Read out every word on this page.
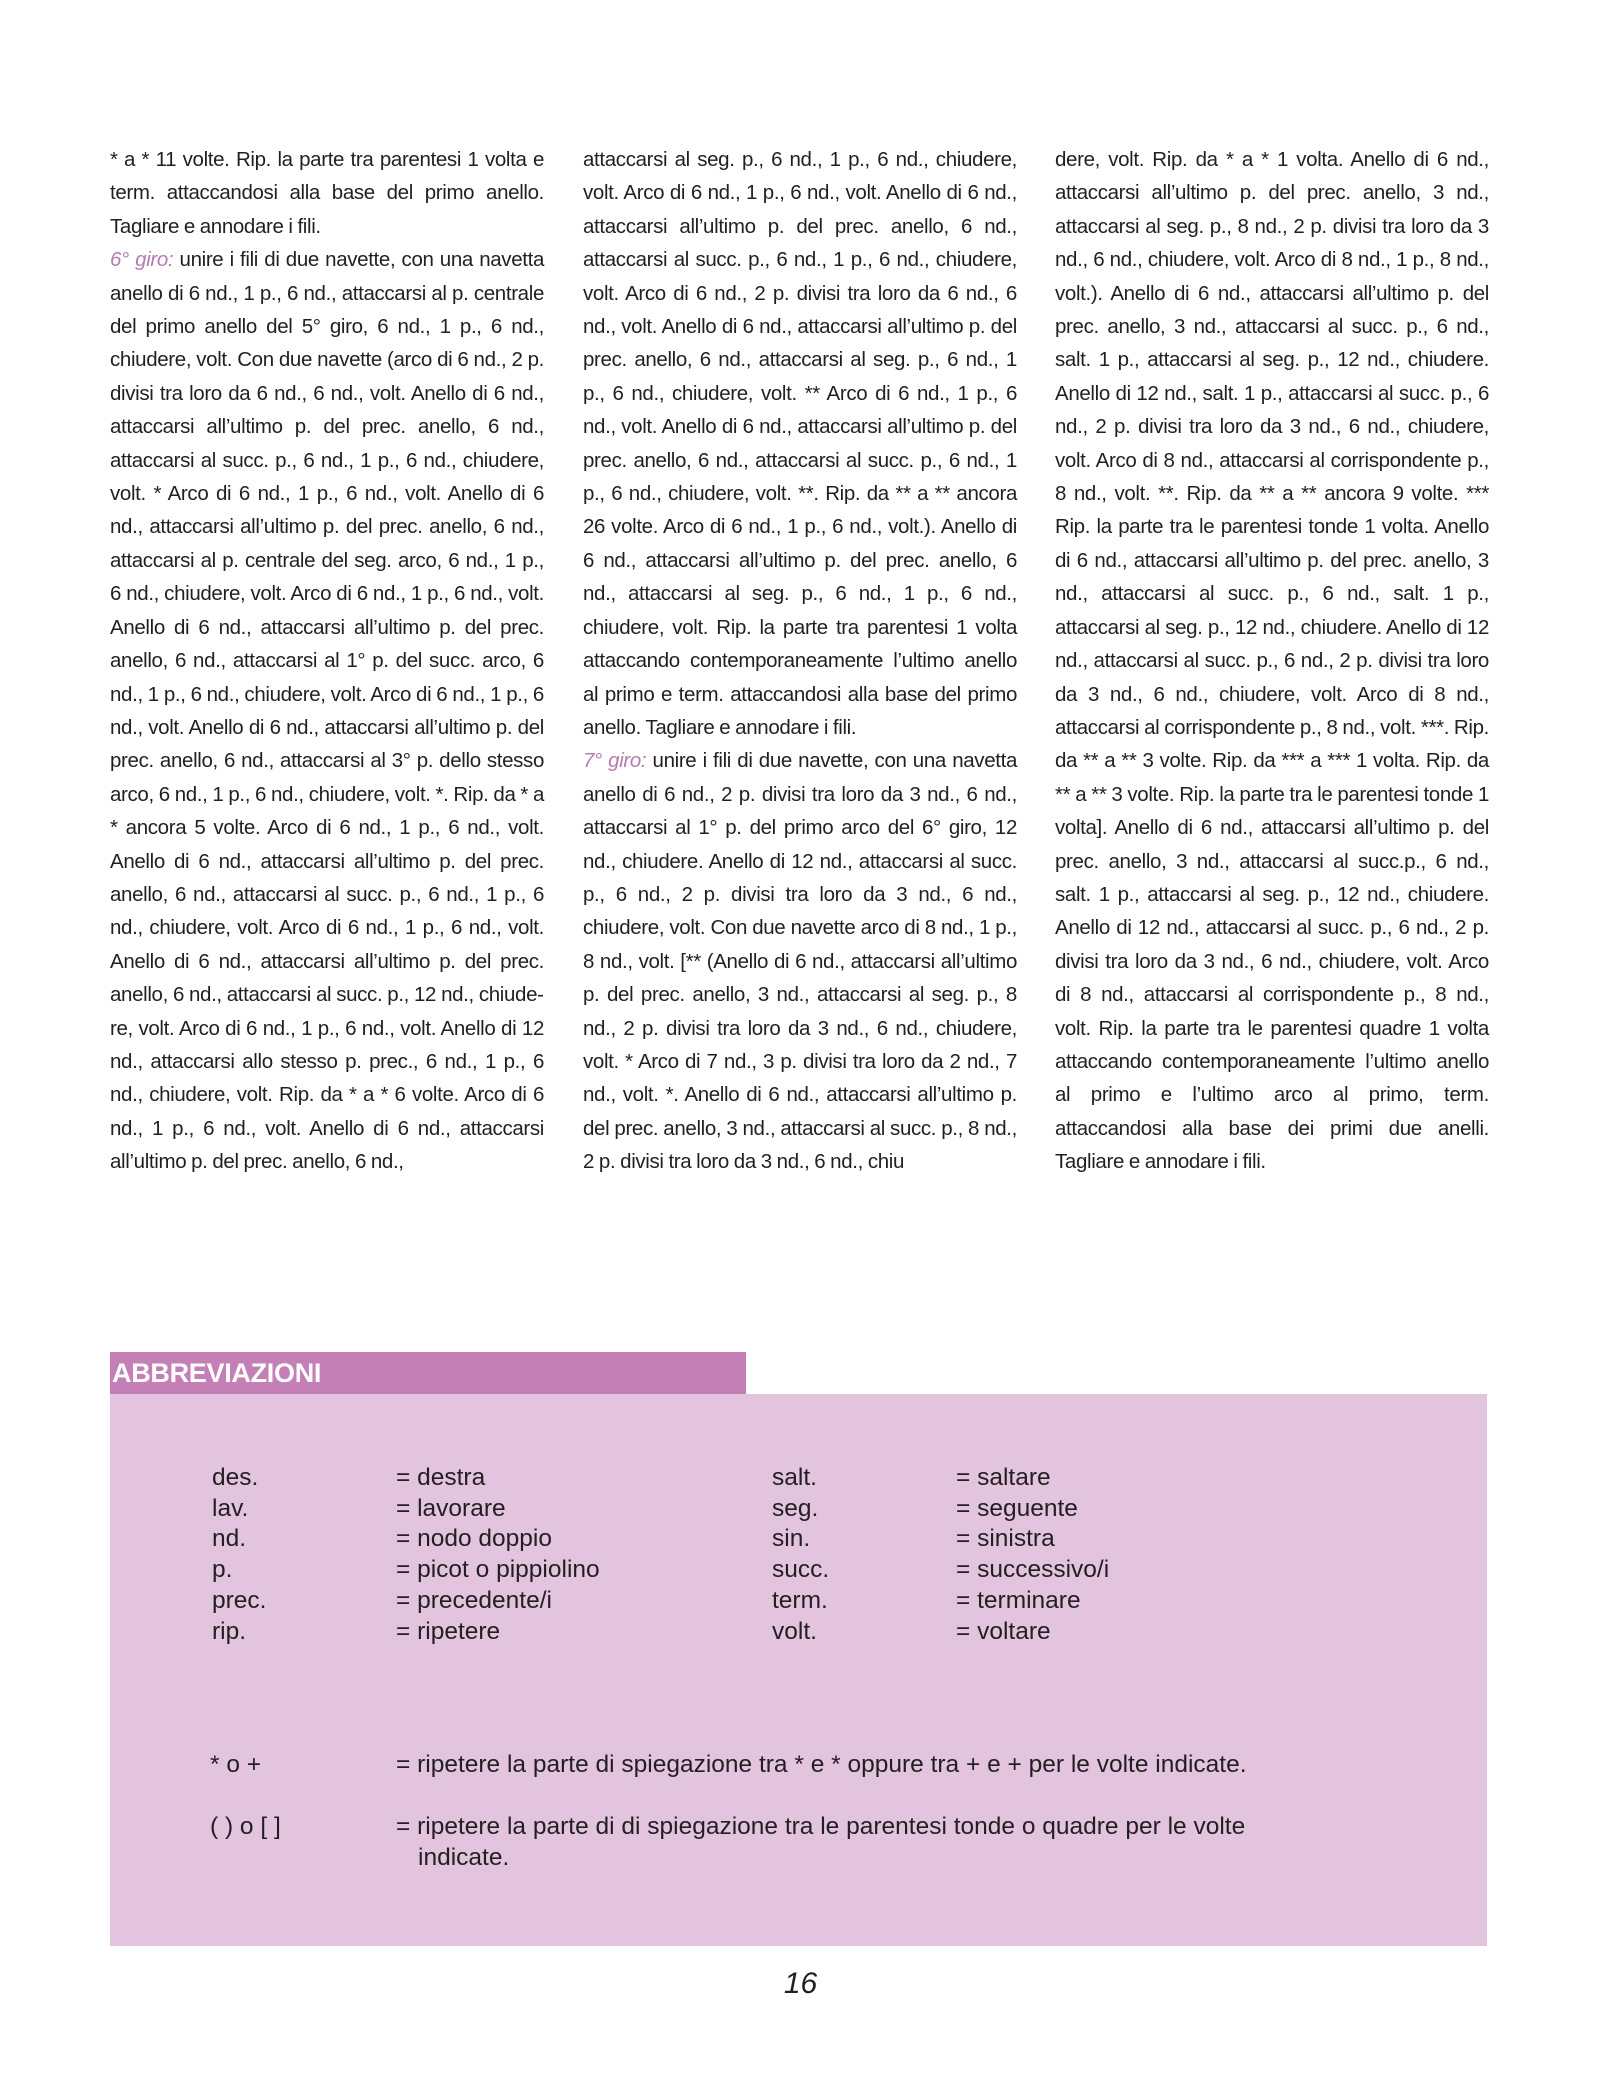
* a * 11 volte. Rip. la parte tra parentesi 1 volta e term. attaccandosi alla base del primo anello. Tagliare e annodare i fili.

6° giro: unire i fili di due navette, con una navetta anello di 6 nd., 1 p., 6 nd., attaccarsi al p. centrale del primo anello del 5° giro, 6 nd., 1 p., 6 nd., chiudere, volt. Con due navette (arco di 6 nd., 2 p. divisi tra loro da 6 nd., 6 nd., volt. Anello di 6 nd., attaccarsi all’ultimo p. del prec. anello, 6 nd., attaccarsi al succ. p., 6 nd., 1 p., 6 nd., chiudere, volt. * Arco di 6 nd., 1 p., 6 nd., volt. Anello di 6 nd., attaccarsi all’ultimo p. del prec. anello, 6 nd., attaccarsi al p. centrale del seg. arco, 6 nd., 1 p., 6 nd., chiudere, volt. Arco di 6 nd., 1 p., 6 nd., volt. Anello di 6 nd., attaccarsi all’ultimo p. del prec. anello, 6 nd., attaccarsi al 1° p. del succ. arco, 6 nd., 1 p., 6 nd., chiudere, volt. Arco di 6 nd., 1 p., 6 nd., volt. Anello di 6 nd., attaccarsi all’ultimo p. del prec. anello, 6 nd., attaccarsi al 3° p. dello stesso arco, 6 nd., 1 p., 6 nd., chiudere, volt. *. Rip. da * a * ancora 5 volte. Arco di 6 nd., 1 p., 6 nd., volt. Anello di 6 nd., attaccarsi all’ultimo p. del prec. anello, 6 nd., attaccarsi al succ. p., 6 nd., 1 p., 6 nd., chiudere, volt. Arco di 6 nd., 1 p., 6 nd., volt. Anello di 6 nd., attaccarsi all’ultimo p. del prec. anello, 6 nd., attaccarsi al succ. p., 12 nd., chiudere, volt. Arco di 6 nd., 1 p., 6 nd., volt. Anello di 12 nd., attaccarsi allo stesso p. prec., 6 nd., 1 p., 6 nd., chiudere, volt. Rip. da * a * 6 volte. Arco di 6 nd., 1 p., 6 nd., volt. Anello di 6 nd., attaccarsi all’ultimo p. del prec. anello, 6 nd.,

attaccarsi al seg. p., 6 nd., 1 p., 6 nd., chiudere, volt. Arco di 6 nd., 1 p., 6 nd., volt. Anello di 6 nd., attaccarsi all’ultimo p. del prec. anello, 6 nd., attaccarsi al succ. p., 6 nd., 1 p., 6 nd., chiudere, volt. Arco di 6 nd., 2 p. divisi tra loro da 6 nd., 6 nd., volt. Anello di 6 nd., attaccarsi all’ultimo p. del prec. anello, 6 nd., attaccarsi al seg. p., 6 nd., 1 p., 6 nd., chiudere, volt. ** Arco di 6 nd., 1 p., 6 nd., volt. Anello di 6 nd., attaccarsi all’ultimo p. del prec. anello, 6 nd., attaccarsi al succ. p., 6 nd., 1 p., 6 nd., chiudere, volt. **. Rip. da ** a ** ancora 26 volte. Arco di 6 nd., 1 p., 6 nd., volt.). Anello di 6 nd., attaccarsi all’ultimo p. del prec. anello, 6 nd., attaccarsi al seg. p., 6 nd., 1 p., 6 nd., chiudere, volt. Rip. la parte tra parentesi 1 volta attaccando contemporaneamente l’ultimo anello al primo e term. attaccandosi alla base del primo anello. Tagliare e annodare i fili.

7° giro: unire i fili di due navette, con una navetta anello di 6 nd., 2 p. divisi tra loro da 3 nd., 6 nd., attaccarsi al 1° p. del primo arco del 6° giro, 12 nd., chiudere. Anello di 12 nd., attaccarsi al succ. p., 6 nd., 2 p. divisi tra loro da 3 nd., 6 nd., chiudere, volt. Con due navette arco di 8 nd., 1 p., 8 nd., volt. [** (Anello di 6 nd., attaccarsi all’ultimo p. del prec. anello, 3 nd., attaccarsi al seg. p., 8 nd., 2 p. divisi tra loro da 3 nd., 6 nd., chiudere, volt. * Arco di 7 nd., 3 p. divisi tra loro da 2 nd., 7 nd., volt. *. Anello di 6 nd., attaccarsi all’ultimo p. del prec. anello, 3 nd., attaccarsi al succ. p., 8 nd., 2 p. divisi tra loro da 3 nd., 6 nd., chiu

dere, volt. Rip. da * a * 1 volta. Anello di 6 nd., attaccarsi all’ultimo p. del prec. anello, 3 nd., attaccarsi al seg. p., 8 nd., 2 p. divisi tra loro da 3 nd., 6 nd., chiudere, volt. Arco di 8 nd., 1 p., 8 nd., volt.). Anello di 6 nd., attaccarsi all’ultimo p. del prec. anello, 3 nd., attaccarsi al succ. p., 6 nd., salt. 1 p., attaccarsi al seg. p., 12 nd., chiudere. Anello di 12 nd., salt. 1 p., attaccarsi al succ. p., 6 nd., 2 p. divisi tra loro da 3 nd., 6 nd., chiudere, volt. Arco di 8 nd., attaccarsi al corrispondente p., 8 nd., volt. **. Rip. da ** a ** ancora 9 volte. *** Rip. la parte tra le parentesi tonde 1 volta. Anello di 6 nd., attaccarsi all’ultimo p. del prec. anello, 3 nd., attaccarsi al succ. p., 6 nd., salt. 1 p., attaccarsi al seg. p., 12 nd., chiudere. Anello di 12 nd., attaccarsi al succ. p., 6 nd., 2 p. divisi tra loro da 3 nd., 6 nd., chiudere, volt. Arco di 8 nd., attaccarsi al corrispondente p., 8 nd., volt. ***. Rip. da ** a ** 3 volte. Rip. da *** a *** 1 volta. Rip. da ** a ** 3 volte. Rip. la parte tra le parentesi tonde 1 volta]. Anello di 6 nd., attaccarsi all’ultimo p. del prec. anello, 3 nd., attaccarsi al succ.p., 6 nd., salt. 1 p., attaccarsi al seg. p., 12 nd., chiudere. Anello di 12 nd., attaccarsi al succ. p., 6 nd., 2 p. divisi tra loro da 3 nd., 6 nd., chiudere, volt. Arco di 8 nd., attaccarsi al corrispondente p., 8 nd., volt. Rip. la parte tra le parentesi quadre 1 volta attaccando contemporaneamente l’ultimo anello al primo e l’ultimo arco al primo, term. attaccandosi alla base dei primi due anelli. Tagliare e annodare i fili.

ABBREVIAZIONI
des.	= destra
lav.	= lavorare
nd.	= nodo doppio
p.	= picot o pippiolino
prec.	= precedente/i
rip.	= ripetere
salt.	= saltare
seg.	= seguente
sin.	= sinistra
succ.	= successivo/i
term.	= terminare
volt.	= voltare
* o +	= ripetere la parte di spiegazione tra * e * oppure tra + e + per le volte indicate.
( ) o [ ]	= ripetere la parte di di spiegazione tra le parentesi tonde o quadre per le volte indicate.
16
